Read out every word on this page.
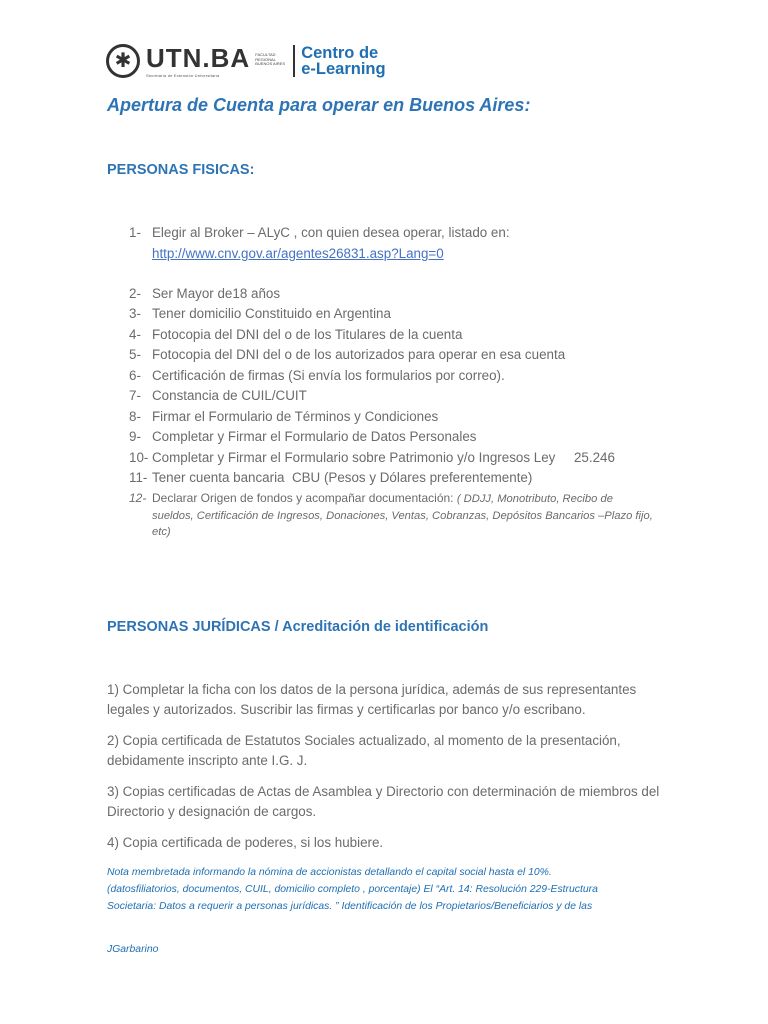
✱ UTN.BA FACULTAD REGIONAL BUENOS AIRES
Secretaría de Extensión Universitaria
Centro de
e-Learning
Apertura de Cuenta para operar en Buenos Aires:
PERSONAS FISICAS:
1- Elegir al Broker – ALyC , con quien desea operar, listado en:
http://www.cnv.gov.ar/agentes26831.asp?Lang=0
2- Ser Mayor de18 años
3- Tener domicilio Constituido en Argentina
4- Fotocopia del DNI del o de los Titulares de la cuenta
5- Fotocopia del DNI del o de los autorizados para operar en esa cuenta
6- Certificación de firmas (Si envía los formularios por correo).
7- Constancia de CUIL/CUIT
8- Firmar el Formulario de Términos y Condiciones
9- Completar y Firmar el Formulario de Datos Personales
10- Completar y Firmar el Formulario sobre Patrimonio y/o Ingresos Ley     25.246
11- Tener cuenta bancaria  CBU (Pesos y Dólares preferentemente)
12- Declarar Origen de fondos y acompañar documentación: ( DDJJ, Monotributo, Recibo de
sueldos, Certificación de Ingresos, Donaciones, Ventas, Cobranzas, Depósitos Bancarios –Plazo fijo,
etc)
PERSONAS JURÍDICAS / Acreditación de identificación
1) Completar la ficha con los datos de la persona jurídica, además de sus representantes legales y autorizados. Suscribir las firmas y certificarlas por banco y/o escribano.
2) Copia certificada de Estatutos Sociales actualizado, al momento de la presentación, debidamente inscripto ante I.G. J.
3) Copias certificadas de Actas de Asamblea y Directorio con determinación de miembros del Directorio y designación de cargos.
4) Copia certificada de poderes, si los hubiere.
Nota membretada informando la nómina de accionistas detallando el capital social hasta el 10%.
(datosfiliatorios, documentos, CUIL, domicilio completo , porcentaje) El “Art. 14: Resolución 229-Estructura
Societaria: Datos a requerir a personas jurídicas. ” Identificación de los Propietarios/Beneficiarios y de las
JGarbarino
